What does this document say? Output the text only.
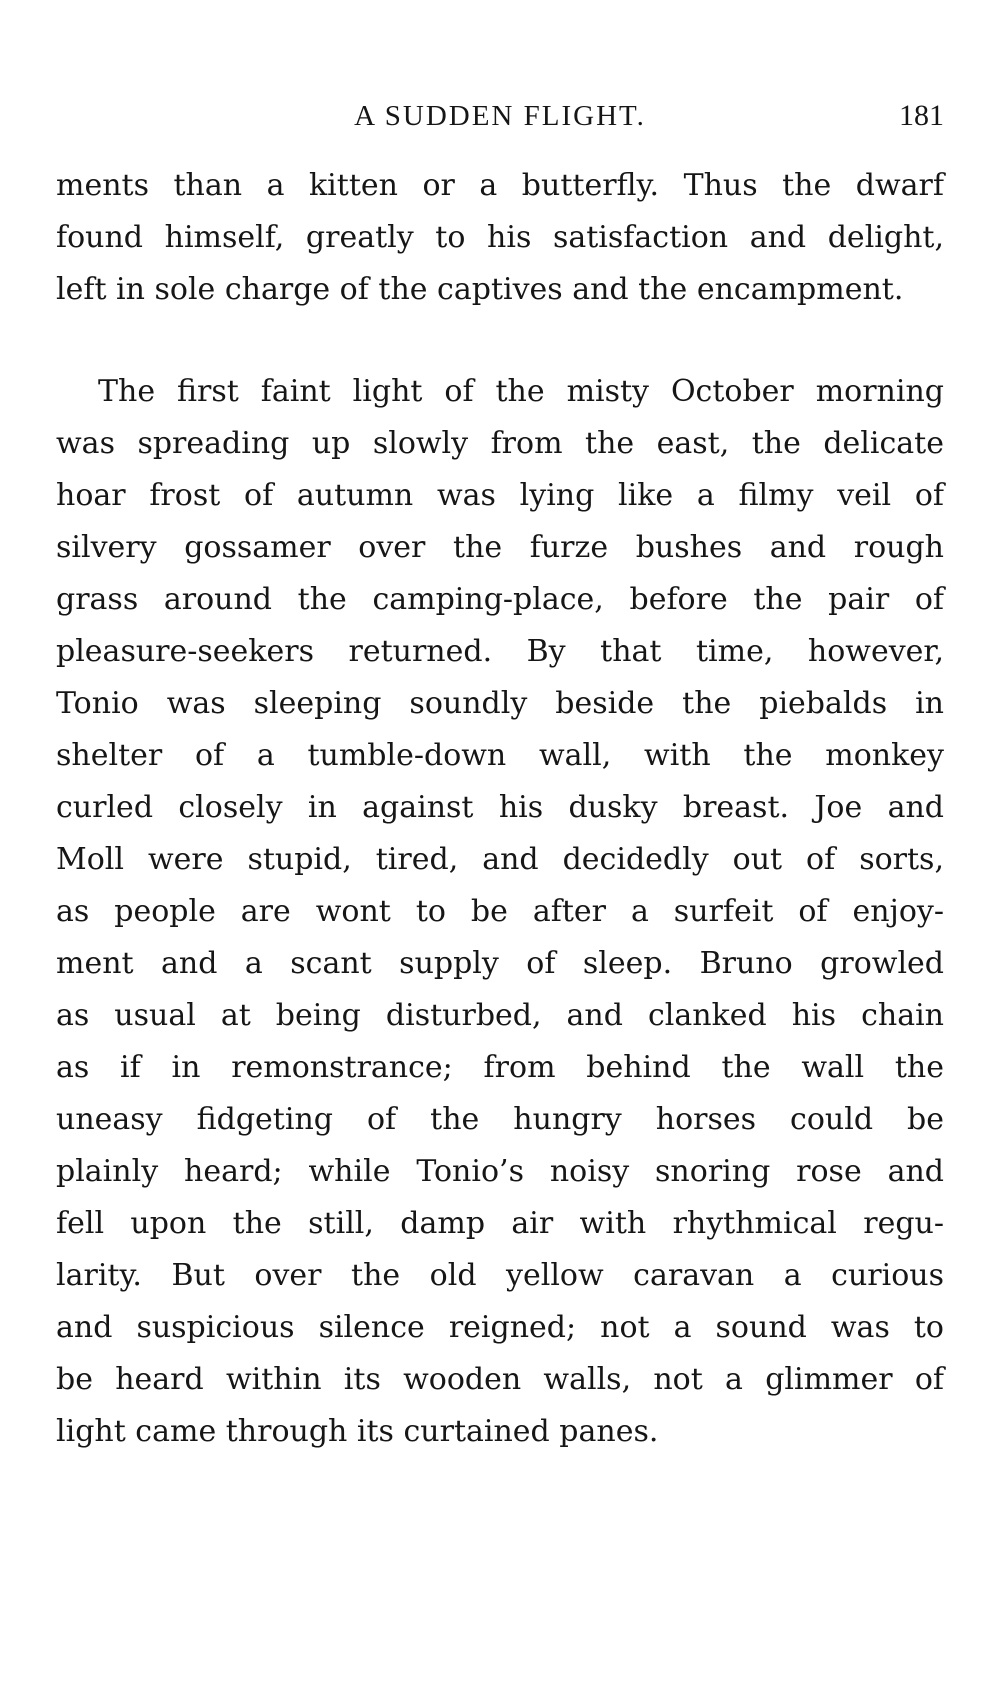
A SUDDEN FLIGHT.	181
ments than a kitten or a butterfly. Thus the dwarf
found himself, greatly to his satisfaction and delight,
left in sole charge of the captives and the encampment.
The first faint light of the misty October morning
was spreading up slowly from the east, the delicate
hoar frost of autumn was lying like a filmy veil of
silvery gossamer over the furze bushes and rough
grass around the camping-place, before the pair of
pleasure-seekers returned. By that time, however,
Tonio was sleeping soundly beside the piebalds in
shelter of a tumble-down wall, with the monkey
curled closely in against his dusky breast. Joe and
Moll were stupid, tired, and decidedly out of sorts,
as people are wont to be after a surfeit of enjoy-
ment and a scant supply of sleep. Bruno growled
as usual at being disturbed, and clanked his chain
as if in remonstrance; from behind the wall the
uneasy fidgeting of the hungry horses could be
plainly heard; while Tonio’s noisy snoring rose and
fell upon the still, damp air with rhythmical regu-
larity. But over the old yellow caravan a curious
and suspicious silence reigned; not a sound was to
be heard within its wooden walls, not a glimmer of
light came through its curtained panes.
